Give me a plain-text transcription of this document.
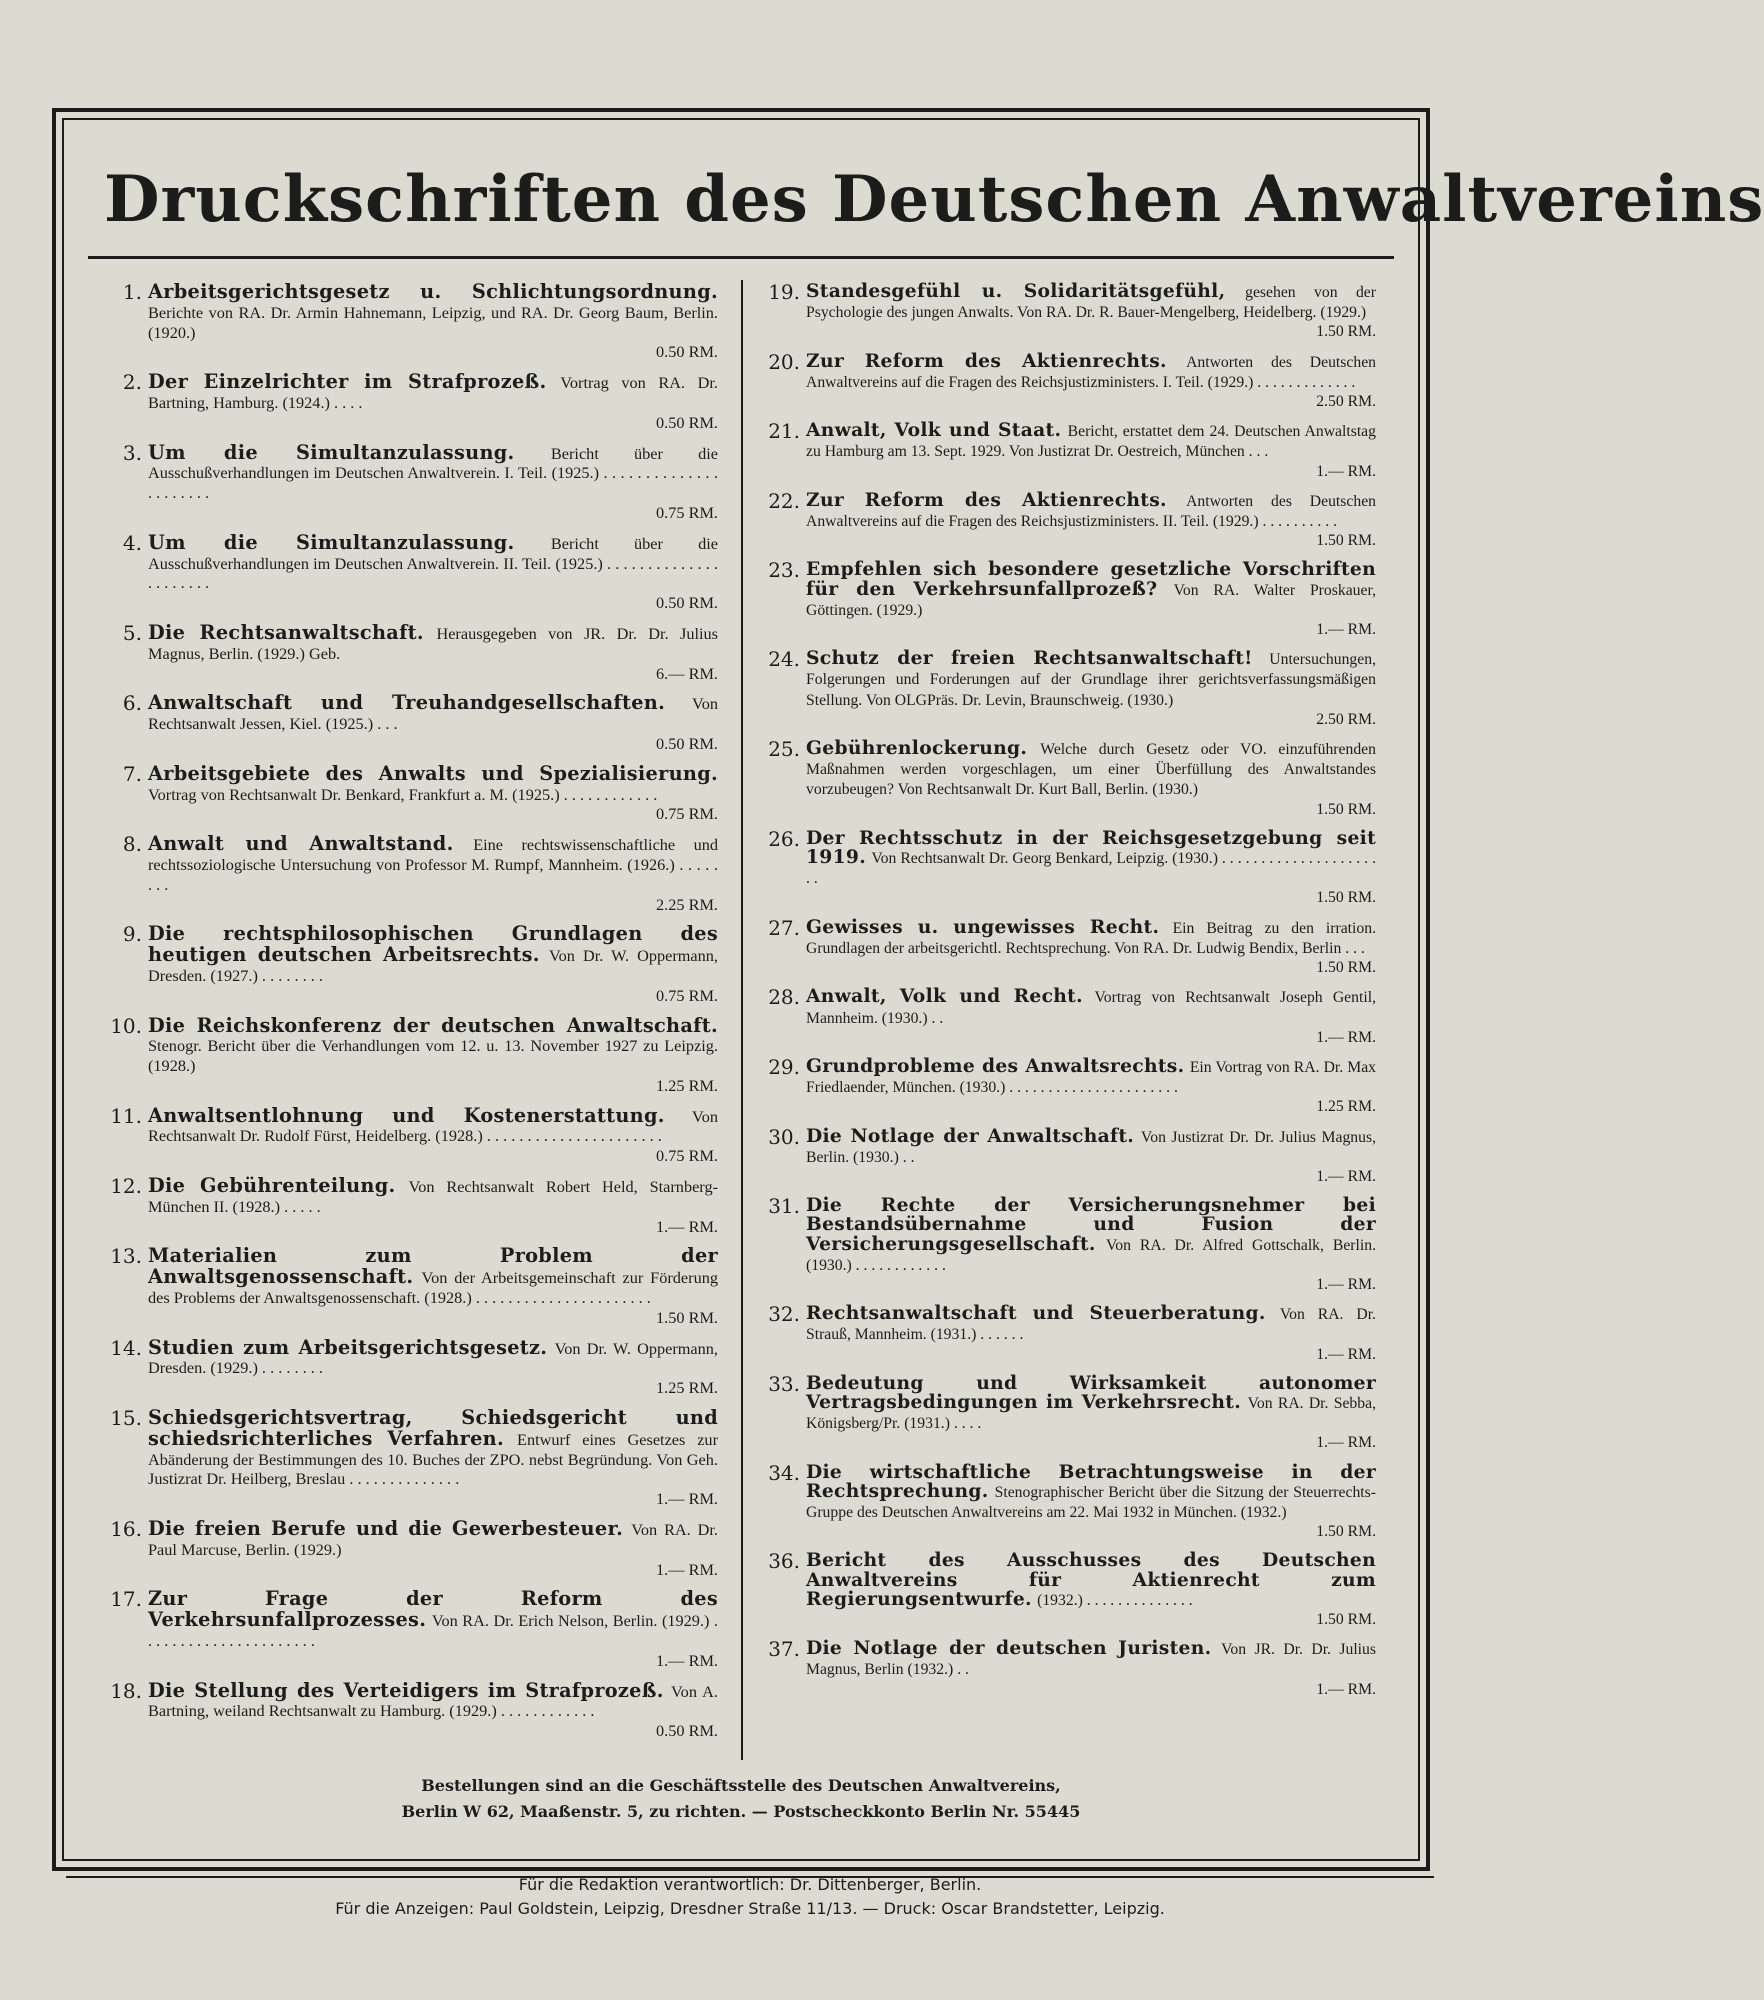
Druckschriften des Deutschen Anwaltvereins
1. Arbeitsgerichtsgesetz u. Schlichtungsordnung. Berichte von RA. Dr. Armin Hahnemann, Leipzig, und RA. Dr. Georg Baum, Berlin. (1920.)
0.50 RM.
2. Der Einzelrichter im Strafprozeß. Vortrag von RA. Dr. Bartning, Hamburg. (1924.) . . . .
0.50 RM.
3. Um die Simultanzulassung. Bericht über die Ausschußverhandlungen im Deutschen Anwaltverein. I. Teil. (1925.) . . . . . . . . . . . . . . . . . . . . . .
0.75 RM.
4. Um die Simultanzulassung. Bericht über die Ausschußverhandlungen im Deutschen Anwaltverein. II. Teil. (1925.) . . . . . . . . . . . . . . . . . . . . . .
0.50 RM.
5. Die Rechtsanwaltschaft. Herausgegeben von JR. Dr. Dr. Julius Magnus, Berlin. (1929.) Geb.
6.— RM.
6. Anwaltschaft und Treuhandgesellschaften. Von Rechtsanwalt Jessen, Kiel. (1925.) . . .
0.50 RM.
7. Arbeitsgebiete des Anwalts und Spezialisierung. Vortrag von Rechtsanwalt Dr. Benkard, Frankfurt a. M. (1925.) . . . . . . . . . . . .
0.75 RM.
8. Anwalt und Anwaltstand. Eine rechtswissenschaftliche und rechtssoziologische Untersuchung von Professor M. Rumpf, Mannheim. (1926.) . . . . . . . .
2.25 RM.
9. Die rechtsphilosophischen Grundlagen des heutigen deutschen Arbeitsrechts. Von Dr. W. Oppermann, Dresden. (1927.) . . . . . . . .
0.75 RM.
10. Die Reichskonferenz der deutschen Anwaltschaft. Stenogr. Bericht über die Verhandlungen vom 12. u. 13. November 1927 zu Leipzig. (1928.)
1.25 RM.
11. Anwaltsentlohnung und Kostenerstattung. Von Rechtsanwalt Dr. Rudolf Fürst, Heidelberg. (1928.) . . . . . . . . . . . . . . . . . . . . . .
0.75 RM.
12. Die Gebührenteilung. Von Rechtsanwalt Robert Held, Starnberg-München II. (1928.) . . . . .
1.— RM.
13. Materialien zum Problem der Anwaltsgenossenschaft. Von der Arbeitsgemeinschaft zur Förderung des Problems der Anwaltsgenossenschaft. (1928.) . . . . . . . . . . . . . . . . . . . . . .
1.50 RM.
14. Studien zum Arbeitsgerichtsgesetz. Von Dr. W. Oppermann, Dresden. (1929.) . . . . . . . .
1.25 RM.
15. Schiedsgerichtsvertrag, Schiedsgericht und schiedsrichterliches Verfahren. Entwurf eines Gesetzes zur Abänderung der Bestimmungen des 10. Buches der ZPO. nebst Begründung. Von Geh. Justizrat Dr. Heilberg, Breslau . . . . . . . . . . . . . .
1.— RM.
16. Die freien Berufe und die Gewerbesteuer. Von RA. Dr. Paul Marcuse, Berlin. (1929.)
1.— RM.
17. Zur Frage der Reform des Verkehrsunfallprozesses. Von RA. Dr. Erich Nelson, Berlin. (1929.) . . . . . . . . . . . . . . . . . . . . . .
1.— RM.
18. Die Stellung des Verteidigers im Strafprozeß. Von A. Bartning, weiland Rechtsanwalt zu Hamburg. (1929.) . . . . . . . . . . . .
0.50 RM.
19. Standesgefühl u. Solidaritätsgefühl, gesehen von der Psychologie des jungen Anwalts. Von RA. Dr. R. Bauer-Mengelberg, Heidelberg. (1929.)
1.50 RM.
20. Zur Reform des Aktienrechts. Antworten des Deutschen Anwaltvereins auf die Fragen des Reichsjustizministers. I. Teil. (1929.) . . . . . . . . . . . . .
2.50 RM.
21. Anwalt, Volk und Staat. Bericht, erstattet dem 24. Deutschen Anwaltstag zu Hamburg am 13. Sept. 1929. Von Justizrat Dr. Oestreich, München . . .
1.— RM.
22. Zur Reform des Aktienrechts. Antworten des Deutschen Anwaltvereins auf die Fragen des Reichsjustizministers. II. Teil. (1929.) . . . . . . . . . .
1.50 RM.
23. Empfehlen sich besondere gesetzliche Vorschriften für den Verkehrsunfallprozeß? Von RA. Walter Proskauer, Göttingen. (1929.)
1.— RM.
24. Schutz der freien Rechtsanwaltschaft! Untersuchungen, Folgerungen und Forderungen auf der Grundlage ihrer gerichtsverfassungsmäßigen Stellung. Von OLGPräs. Dr. Levin, Braunschweig. (1930.)
2.50 RM.
25. Gebührenlockerung. Welche durch Gesetz oder VO. einzuführenden Maßnahmen werden vorgeschlagen, um einer Überfüllung des Anwaltstandes vorzubeugen? Von Rechtsanwalt Dr. Kurt Ball, Berlin. (1930.)
1.50 RM.
26. Der Rechtsschutz in der Reichsgesetzgebung seit 1919. Von Rechtsanwalt Dr. Georg Benkard, Leipzig. (1930.) . . . . . . . . . . . . . . . . . . . . . .
1.50 RM.
27. Gewisses u. ungewisses Recht. Ein Beitrag zu den irration. Grundlagen der arbeitsgerichtl. Rechtsprechung. Von RA. Dr. Ludwig Bendix, Berlin . . .
1.50 RM.
28. Anwalt, Volk und Recht. Vortrag von Rechtsanwalt Joseph Gentil, Mannheim. (1930.) . .
1.— RM.
29. Grundprobleme des Anwaltsrechts. Ein Vortrag von RA. Dr. Max Friedlaender, München. (1930.) . . . . . . . . . . . . . . . . . . . . . .
1.25 RM.
30. Die Notlage der Anwaltschaft. Von Justizrat Dr. Dr. Julius Magnus, Berlin. (1930.) . .
1.— RM.
31. Die Rechte der Versicherungsnehmer bei Bestandsübernahme und Fusion der Versicherungsgesellschaft. Von RA. Dr. Alfred Gottschalk, Berlin. (1930.) . . . . . . . . . . . .
1.— RM.
32. Rechtsanwaltschaft und Steuerberatung. Von RA. Dr. Strauß, Mannheim. (1931.) . . . . . .
1.— RM.
33. Bedeutung und Wirksamkeit autonomer Vertragsbedingungen im Verkehrsrecht. Von RA. Dr. Sebba, Königsberg/Pr. (1931.) . . . .
1.— RM.
34. Die wirtschaftliche Betrachtungsweise in der Rechtsprechung. Stenographischer Bericht über die Sitzung der Steuerrechts-Gruppe des Deutschen Anwaltvereins am 22. Mai 1932 in München. (1932.)
1.50 RM.
36. Bericht des Ausschusses des Deutschen Anwaltvereins für Aktienrecht zum Regierungsentwurfe. (1932.) . . . . . . . . . . . . . .
1.50 RM.
37. Die Notlage der deutschen Juristen. Von JR. Dr. Dr. Julius Magnus, Berlin (1932.) . .
1.— RM.
Bestellungen sind an die Geschäftsstelle des Deutschen Anwaltvereins,
Berlin W 62, Maaßenstr. 5, zu richten. — Postscheckkonto Berlin Nr. 55445
Für die Redaktion verantwortlich: Dr. Dittenberger, Berlin.
Für die Anzeigen: Paul Goldstein, Leipzig, Dresdner Straße 11/13. — Druck: Oscar Brandstetter, Leipzig.
